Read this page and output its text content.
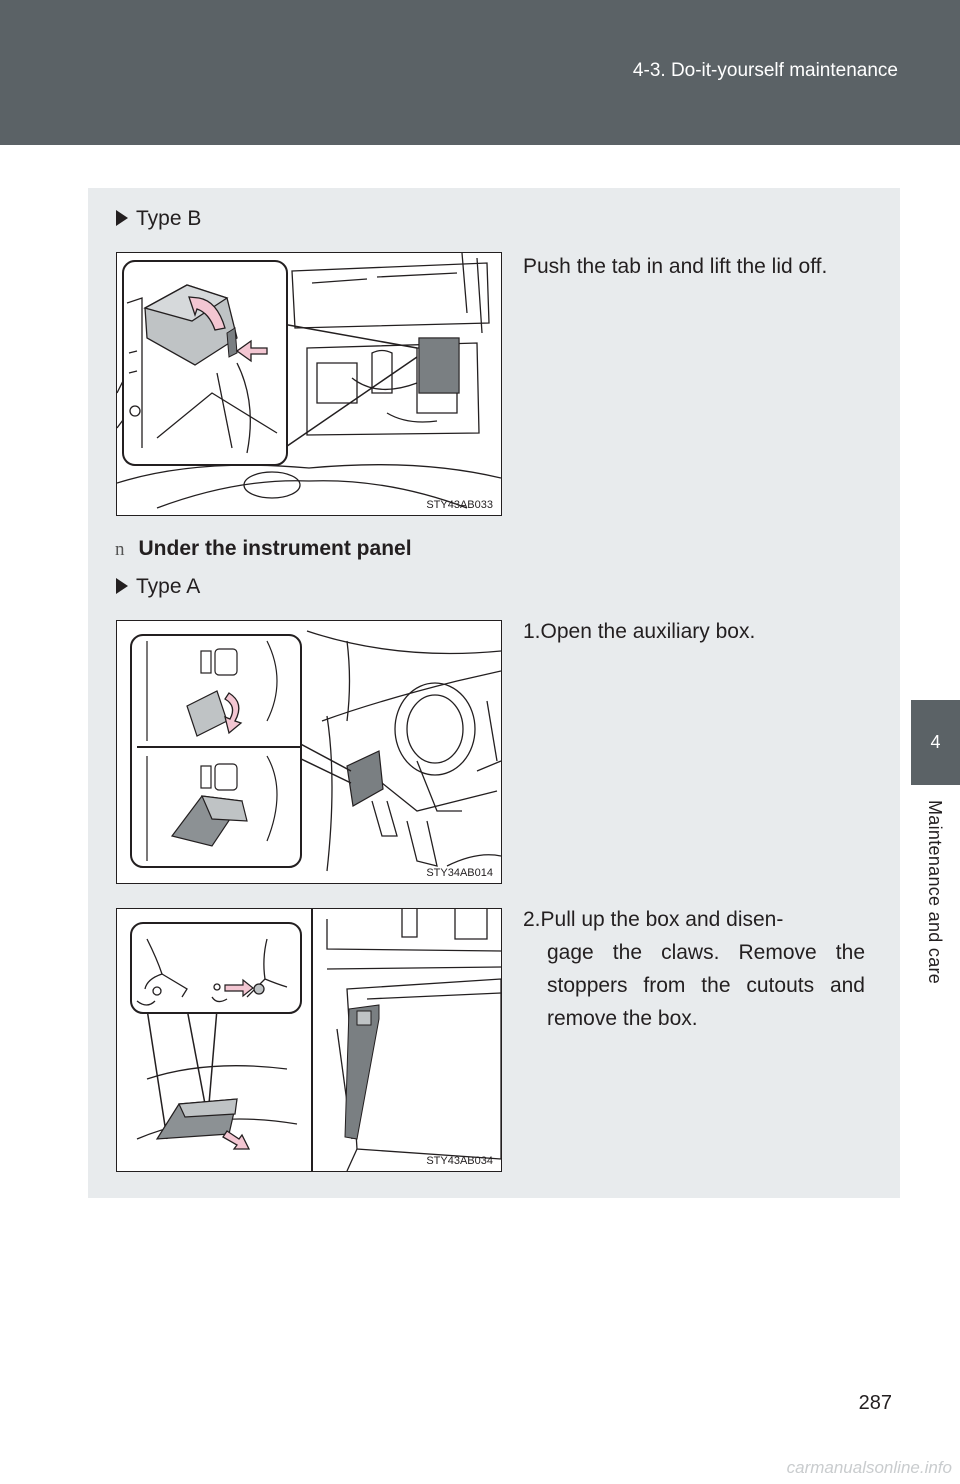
4-3. Do-it-yourself maintenance
4
Maintenance and care
Type B
STY43AB033
Push the tab in and lift the lid off.
n Under the instrument panel
Type A
STY34AB014
1.Open the auxiliary box.
STY43AB034
2.Pull up the box and disen-
gage the claws. Remove the stoppers from the cutouts and remove the box.
287
carmanualsonline.info
